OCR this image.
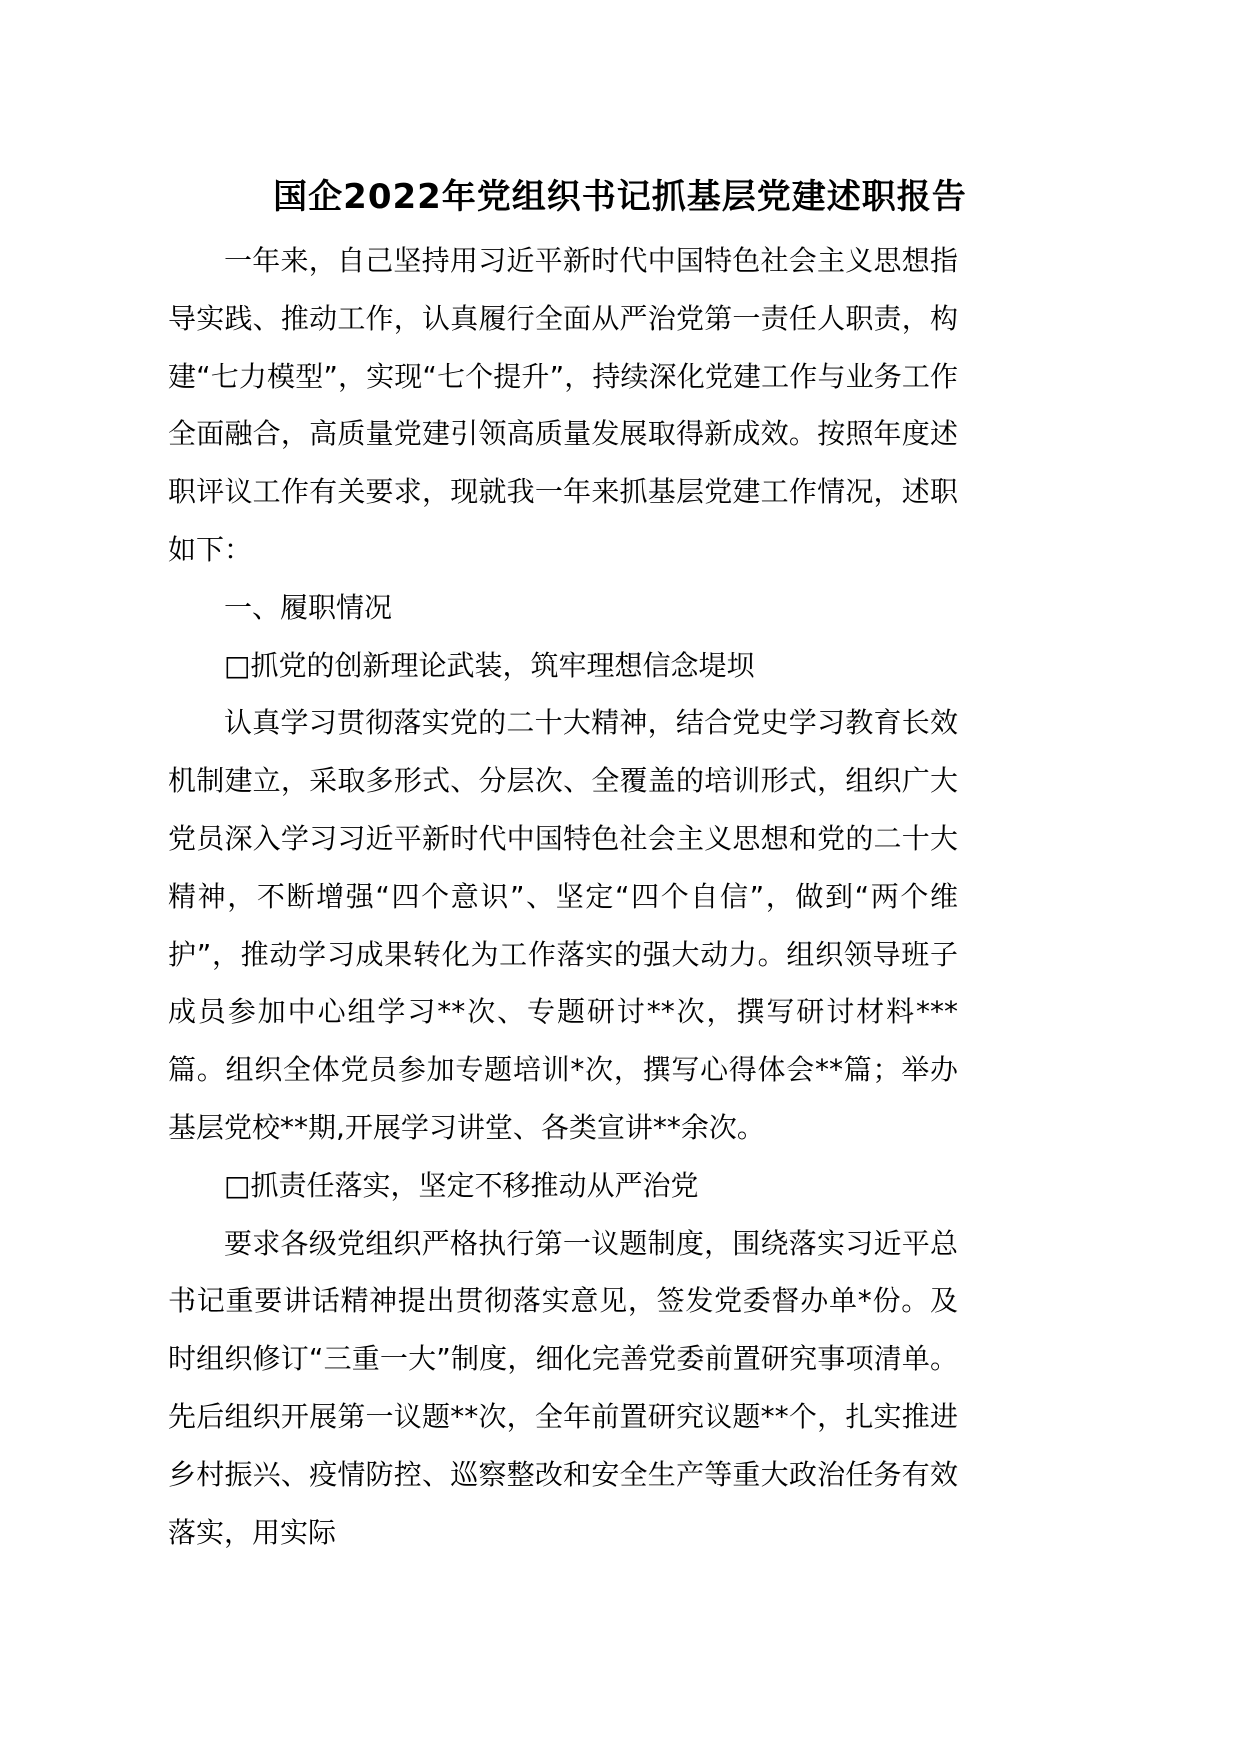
国企2022年党组织书记抓基层党建述职报告

一年来，自己坚持用习近平新时代中国特色社会主义思想指导实践、推动工作，认真履行全面从严治党第一责任人职责，构建“七力模型”，实现“七个提升”，持续深化党建工作与业务工作全面融合，高质量党建引领高质量发展取得新成效。按照年度述职评议工作有关要求，现就我一年来抓基层党建工作情况，述职如下：

一、履职情况

□抓党的创新理论武装，筑牢理想信念堤坝

认真学习贯彻落实党的二十大精神，结合党史学习教育长效机制建立，采取多形式、分层次、全覆盖的培训形式，组织广大党员深入学习习近平新时代中国特色社会主义思想和党的二十大精神，不断增强“四个意识”、坚定“四个自信”，做到“两个维护”，推动学习成果转化为工作落实的强大动力。组织领导班子成员参加中心组学习**次、专题研讨**次，撰写研讨材料***篇。组织全体党员参加专题培训*次，撰写心得体会**篇；举办基层党校**期,开展学习讲堂、各类宣讲**余次。

□抓责任落实，坚定不移推动从严治党

要求各级党组织严格执行第一议题制度，围绕落实习近平总书记重要讲话精神提出贯彻落实意见，签发党委督办单*份。及时组织修订“三重一大”制度，细化完善党委前置研究事项清单。先后组织开展第一议题**次，全年前置研究议题**个，扎实推进乡村振兴、疫情防控、巡察整改和安全生产等重大政治任务有效落实，用实际
